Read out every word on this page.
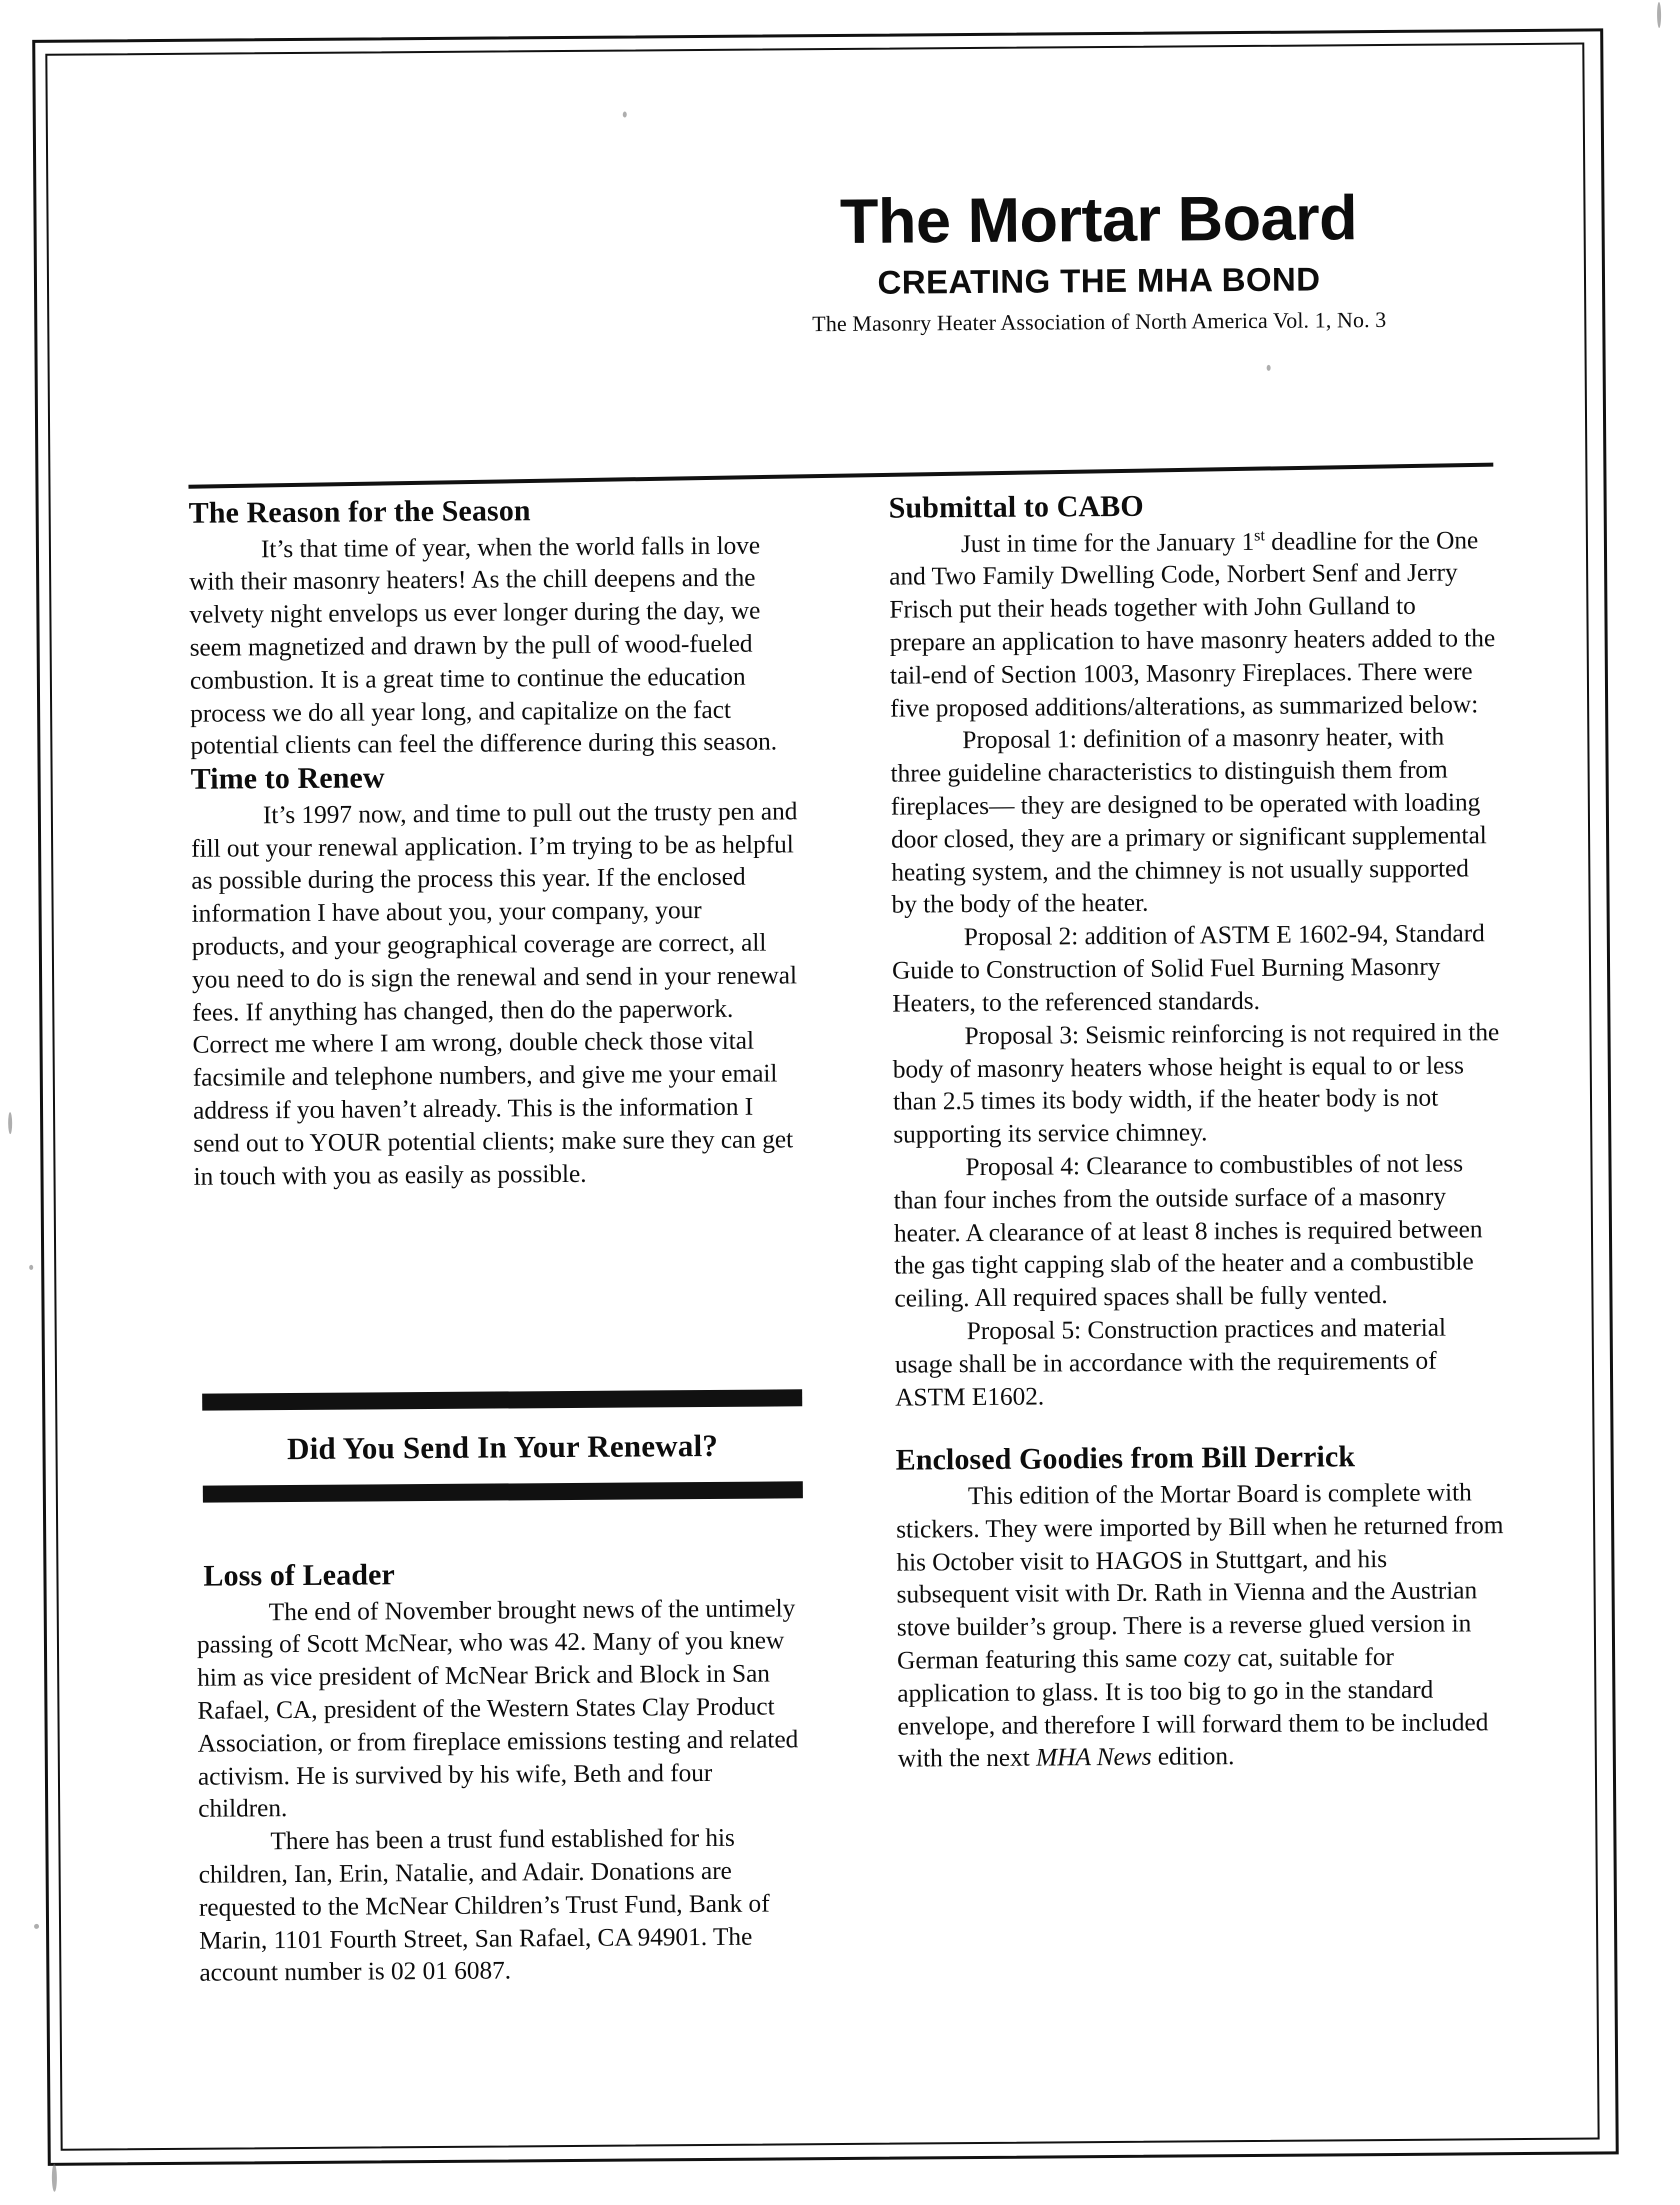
The Mortar Board
CREATING THE MHA BOND
The Masonry Heater Association of North America Vol. 1, No. 3
The Reason for the Season

It’s that time of year, when the world falls in love with their masonry heaters! As the chill deepens and the velvety night envelops us ever longer during the day, we seem magnetized and drawn by the pull of wood-fueled combustion. It is a great time to continue the education process we do all year long, and capitalize on the fact potential clients can feel the difference during this season.

Time to Renew

It’s 1997 now, and time to pull out the trusty pen and fill out your renewal application. I’m trying to be as helpful as possible during the process this year. If the enclosed information I have about you, your company, your products, and your geographical coverage are correct, all you need to do is sign the renewal and send in your renewal fees. If anything has changed, then do the paperwork. Correct me where I am wrong, double check those vital facsimile and telephone numbers, and give me your email address if you haven’t already. This is the information I send out to YOUR potential clients; make sure they can get in touch with you as easily as possible.

Did You Send In Your Renewal?
Loss of Leader

The end of November brought news of the untimely passing of Scott McNear, who was 42. Many of you knew him as vice president of McNear Brick and Block in San Rafael, CA, president of the Western States Clay Product Association, or from fireplace emissions testing and related activism. He is survived by his wife, Beth and four children.

There has been a trust fund established for his children, Ian, Erin, Natalie, and Adair. Donations are requested to the McNear Children’s Trust Fund, Bank of Marin, 1101 Fourth Street, San Rafael, CA 94901. The account number is 02 01 6087.

Submittal to CABO

Just in time for the January 1st deadline for the One and Two Family Dwelling Code, Norbert Senf and Jerry Frisch put their heads together with John Gulland to prepare an application to have masonry heaters added to the tail-end of Section 1003, Masonry Fireplaces. There were five proposed additions/alterations, as summarized below:

Proposal 1: definition of a masonry heater, with three guideline characteristics to distinguish them from fireplaces— they are designed to be operated with loading door closed, they are a primary or significant supplemental heating system, and the chimney is not usually supported by the body of the heater.

Proposal 2: addition of ASTM E 1602-94, Standard Guide to Construction of Solid Fuel Burning Masonry Heaters, to the referenced standards.

Proposal 3: Seismic reinforcing is not required in the body of masonry heaters whose height is equal to or less than 2.5 times its body width, if the heater body is not supporting its service chimney.

Proposal 4: Clearance to combustibles of not less than four inches from the outside surface of a masonry heater. A clearance of at least 8 inches is required between the gas tight capping slab of the heater and a combustible ceiling. All required spaces shall be fully vented.

Proposal 5: Construction practices and material usage shall be in accordance with the requirements of ASTM E1602.

Enclosed Goodies from Bill Derrick

This edition of the Mortar Board is complete with stickers. They were imported by Bill when he returned from his October visit to HAGOS in Stuttgart, and his subsequent visit with Dr. Rath in Vienna and the Austrian stove builder’s group. There is a reverse glued version in German featuring this same cozy cat, suitable for application to glass. It is too big to go in the standard envelope, and therefore I will forward them to be included with the next MHA News edition.
